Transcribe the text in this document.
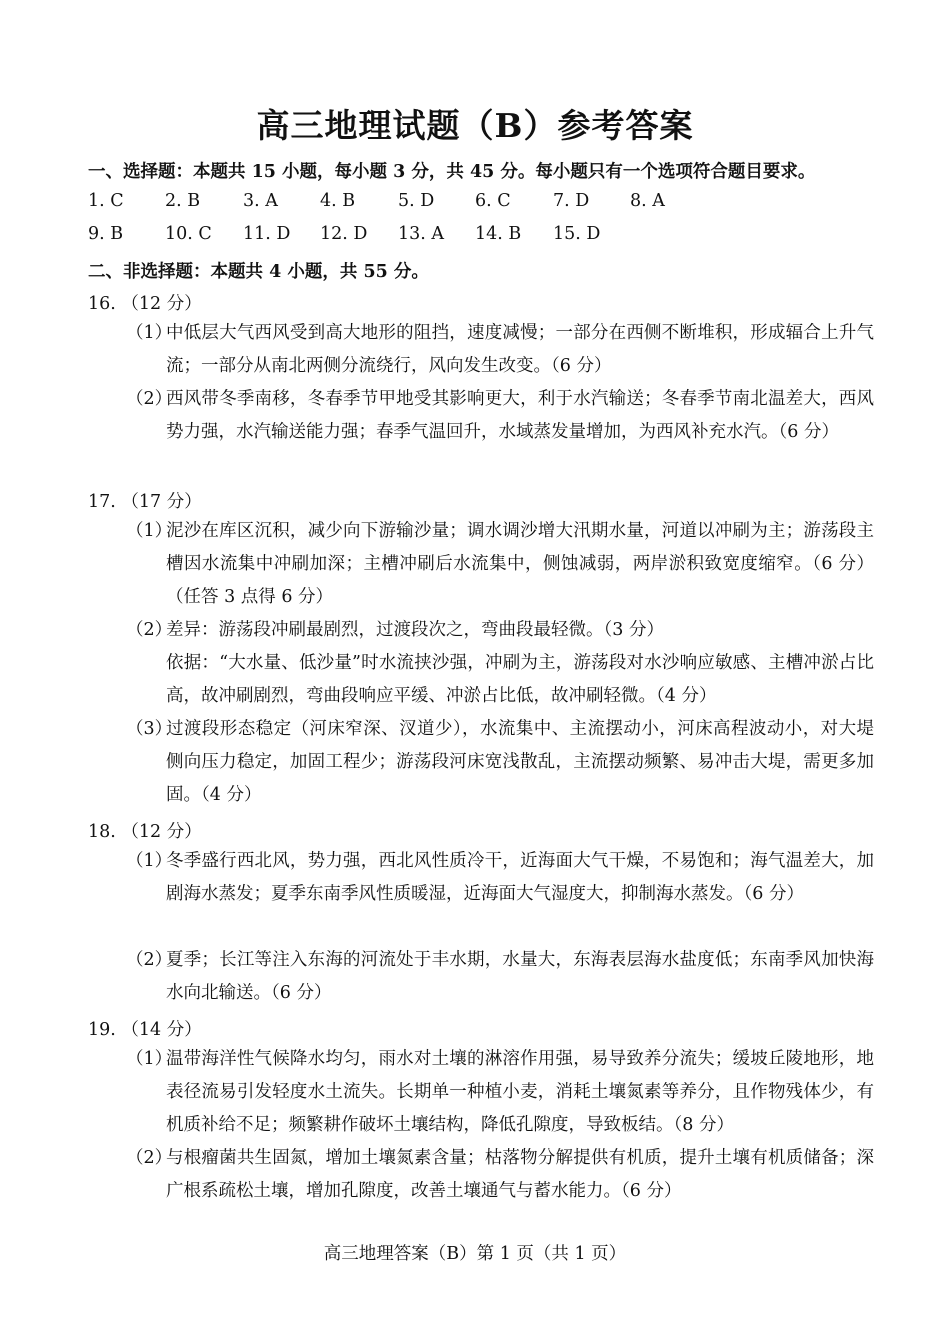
高三地理试题（B）参考答案
一、选择题：本题共 15 小题，每小题 3 分，共 45 分。每小题只有一个选项符合题目要求。
1. C 2. B 3. A 4. B 5. D 6. C 7. D 8. A
9. B 10. C 11. D 12. D 13. A 14. B 15. D
二、非选择题：本题共 4 小题，共 55 分。
16. （12 分）
（1）
中低层大气西风受到高大地形的阻挡，速度减慢；一部分在西侧不断堆积，形成辐合上升气流；一部分从南北两侧分流绕行，风向发生改变。（6 分）
（2）
西风带冬季南移，冬春季节甲地受其影响更大，利于水汽输送；冬春季节南北温差大，西风势力强，水汽输送能力强；春季气温回升，水域蒸发量增加，为西风补充水汽。（6 分）
17. （17 分）
（1）
泥沙在库区沉积，减少向下游输沙量；调水调沙增大汛期水量，河道以冲刷为主；游荡段主槽因水流集中冲刷加深；主槽冲刷后水流集中，侧蚀减弱，两岸淤积致宽度缩窄。（6 分）（任答 3 点得 6 分）
（2）
差异：游荡段冲刷最剧烈，过渡段次之，弯曲段最轻微。（3 分）
依据：“大水量、低沙量”时水流挟沙强，冲刷为主，游荡段对水沙响应敏感、主槽冲淤占比高，故冲刷剧烈，弯曲段响应平缓、冲淤占比低，故冲刷轻微。（4 分）
（3）
过渡段形态稳定（河床窄深、汊道少），水流集中、主流摆动小，河床高程波动小，对大堤侧向压力稳定，加固工程少；游荡段河床宽浅散乱，主流摆动频繁、易冲击大堤，需更多加固。（4 分）
18. （12 分）
（1）
冬季盛行西北风，势力强，西北风性质冷干，近海面大气干燥，不易饱和；海气温差大，加剧海水蒸发；夏季东南季风性质暖湿，近海面大气湿度大，抑制海水蒸发。（6 分）
（2）
夏季；长江等注入东海的河流处于丰水期，水量大，东海表层海水盐度低；东南季风加快海水向北输送。（6 分）
19. （14 分）
（1）
温带海洋性气候降水均匀，雨水对土壤的淋溶作用强，易导致养分流失；缓坡丘陵地形，地表径流易引发轻度水土流失。长期单一种植小麦，消耗土壤氮素等养分，且作物残体少，有机质补给不足；频繁耕作破坏土壤结构，降低孔隙度，导致板结。（8 分）
（2）
与根瘤菌共生固氮，增加土壤氮素含量；枯落物分解提供有机质，提升土壤有机质储备；深广根系疏松土壤，增加孔隙度，改善土壤通气与蓄水能力。（6 分）
高三地理答案（B）第 1 页（共 1 页）
